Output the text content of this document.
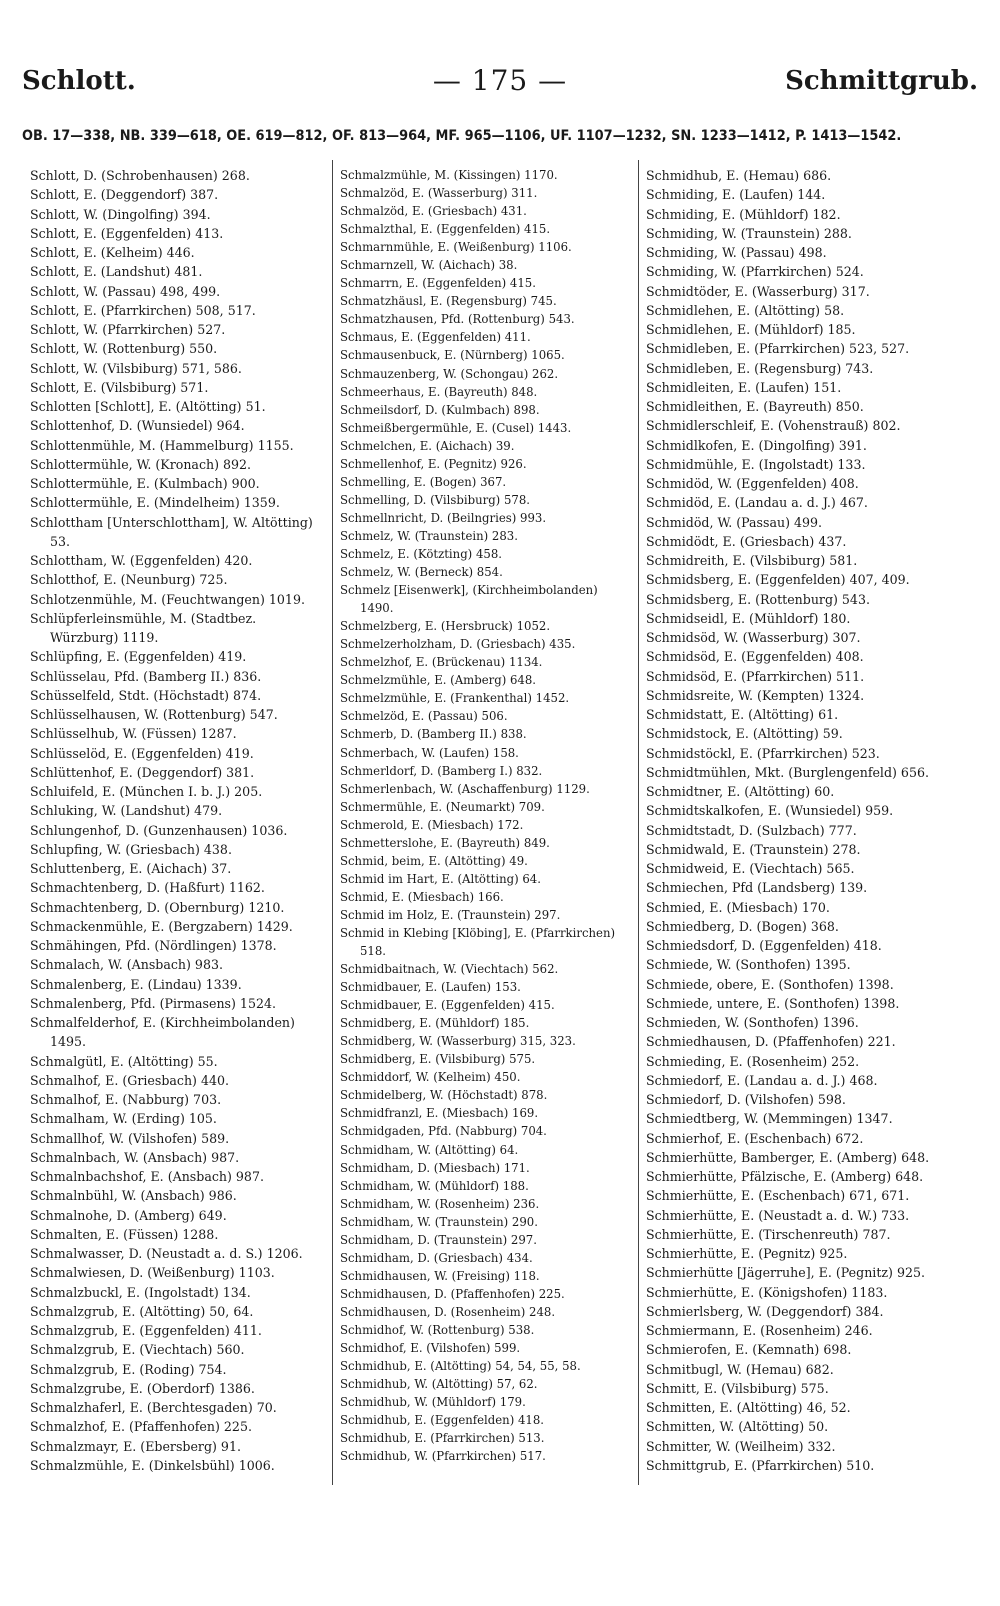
Schlott.	— 175 —	Schmittgrub.
OB. 17—338, NB. 339—618, OE. 619—812, OF. 813—964, MF. 965—1106, UF. 1107—1232, SN. 1233—1412, P. 1413—1542.
Schlott, D. (Schrobenhausen) 268.
Schlott, E. (Deggendorf) 387.
Schlott, W. (Dingolfing) 394.
Schlott, E. (Eggenfelden) 413.
Schlott, E. (Kelheim) 446.
Schlott, E. (Landshut) 481.
Schlott, W. (Passau) 498, 499.
Schlott, E. (Pfarrkirchen) 508, 517.
Schlott, W. (Pfarrkirchen) 527.
Schlott, W. (Rottenburg) 550.
Schlott, W. (Vilsbiburg) 571, 586.
Schlott, E. (Vilsbiburg) 571.
Schlotten [Schlott], E. (Altötting) 51.
Schlottenhof, D. (Wunsiedel) 964.
Schlottenmühle, M. (Hammelburg) 1155.
Schlottermühle, W. (Kronach) 892.
Schlottermühle, E. (Kulmbach) 900.
Schlottermühle, E. (Mindelheim) 1359.
Schlottham [Unterschlottham], W. Altötting) 53.
Schlottham, W. (Eggenfelden) 420.
Schlotthof, E. (Neunburg) 725.
Schlotzenmühle, M. (Feuchtwangen) 1019.
Schlüpferleinsmühle, M. (Stadtbez. Würzburg) 1119.
Schlüpfing, E. (Eggenfelden) 419.
Schlüsselau, Pfd. (Bamberg II.) 836.
Schüsselfeld, Stdt. (Höchstadt) 874.
Schlüsselhausen, W. (Rottenburg) 547.
Schlüsselhub, W. (Füssen) 1287.
Schlüsselöd, E. (Eggenfelden) 419.
Schlüttenhof, E. (Deggendorf) 381.
Schluifeld, E. (München I. b. J.) 205.
Schluking, W. (Landshut) 479.
Schlungenhof, D. (Gunzenhausen) 1036.
Schlupfing, W. (Griesbach) 438.
Schluttenberg, E. (Aichach) 37.
Schmachtenberg, D. (Haßfurt) 1162.
Schmachtenberg, D. (Obernburg) 1210.
Schmackenmühle, E. (Bergzabern) 1429.
Schmähingen, Pfd. (Nördlingen) 1378.
Schmalach, W. (Ansbach) 983.
Schmalenberg, E. (Lindau) 1339.
Schmalenberg, Pfd. (Pirmasens) 1524.
Schmalfelderhof, E. (Kirchheimbolanden) 1495.
Schmalgütl, E. (Altötting) 55.
Schmalhof, E. (Griesbach) 440.
Schmalhof, E. (Nabburg) 703.
Schmalham, W. (Erding) 105.
Schmallhof, W. (Vilshofen) 589.
Schmalnbach, W. (Ansbach) 987.
Schmalnbachshof, E. (Ansbach) 987.
Schmalnbühl, W. (Ansbach) 986.
Schmalnohe, D. (Amberg) 649.
Schmalten, E. (Füssen) 1288.
Schmalwasser, D. (Neustadt a. d. S.) 1206.
Schmalwiesen, D. (Weißenburg) 1103.
Schmalzbuckl, E. (Ingolstadt) 134.
Schmalzgrub, E. (Altötting) 50, 64.
Schmalzgrub, E. (Eggenfelden) 411.
Schmalzgrub, E. (Viechtach) 560.
Schmalzgrub, E. (Roding) 754.
Schmalzgrube, E. (Oberdorf) 1386.
Schmalzhaferl, E. (Berchtesgaden) 70.
Schmalzhof, E. (Pfaffenhofen) 225.
Schmalzmayr, E. (Ebersberg) 91.
Schmalzmühle, E. (Dinkelsbühl) 1006.
Schmalzmühle, M. (Kissingen) 1170.
Schmalzöd, E. (Wasserburg) 311.
Schmalzöd, E. (Griesbach) 431.
Schmalzthal, E. (Eggenfelden) 415.
Schmarnmühle, E. (Weißenburg) 1106.
Schmarnzell, W. (Aichach) 38.
Schmarrn, E. (Eggenfelden) 415.
Schmatzhäusl, E. (Regensburg) 745.
Schmatzhausen, Pfd. (Rottenburg) 543.
Schmaus, E. (Eggenfelden) 411.
Schmausenbuck, E. (Nürnberg) 1065.
Schmauzenberg, W. (Schongau) 262.
Schmeerhaus, E. (Bayreuth) 848.
Schmeilsdorf, D. (Kulmbach) 898.
Schmeißbergermühle, E. (Cusel) 1443.
Schmelchen, E. (Aichach) 39.
Schmellenhof, E. (Pegnitz) 926.
Schmelling, E. (Bogen) 367.
Schmelling, D. (Vilsbiburg) 578.
Schmellnricht, D. (Beilngries) 993.
Schmelz, W. (Traunstein) 283.
Schmelz, E. (Kötzting) 458.
Schmelz, W. (Berneck) 854.
Schmelz [Eisenwerk], (Kirchheimbolanden) 1490.
Schmelzberg, E. (Hersbruck) 1052.
Schmelzerholzham, D. (Griesbach) 435.
Schmelzhof, E. (Brückenau) 1134.
Schmelzmühle, E. (Amberg) 648.
Schmelzmühle, E. (Frankenthal) 1452.
Schmelzöd, E. (Passau) 506.
Schmerb, D. (Bamberg II.) 838.
Schmerbach, W. (Laufen) 158.
Schmerldorf, D. (Bamberg I.) 832.
Schmerlenbach, W. (Aschaffenburg) 1129.
Schmermühle, E. (Neumarkt) 709.
Schmerold, E. (Miesbach) 172.
Schmetterslohe, E. (Bayreuth) 849.
Schmid, beim, E. (Altötting) 49.
Schmid im Hart, E. (Altötting) 64.
Schmid, E. (Miesbach) 166.
Schmid im Holz, E. (Traunstein) 297.
Schmid in Klebing [Klöbing], E. (Pfarrkirchen) 518.
Schmidbaitnach, W. (Viechtach) 562.
Schmidbauer, E. (Laufen) 153.
Schmidbauer, E. (Eggenfelden) 415.
Schmidberg, E. (Mühldorf) 185.
Schmidberg, W. (Wasserburg) 315, 323.
Schmidberg, E. (Vilsbiburg) 575.
Schmiddorf, W. (Kelheim) 450.
Schmidelberg, W. (Höchstadt) 878.
Schmidfranzl, E. (Miesbach) 169.
Schmidgaden, Pfd. (Nabburg) 704.
Schmidham, W. (Altötting) 64.
Schmidham, D. (Miesbach) 171.
Schmidham, W. (Mühldorf) 188.
Schmidham, W. (Rosenheim) 236.
Schmidham, W. (Traunstein) 290.
Schmidham, D. (Traunstein) 297.
Schmidham, D. (Griesbach) 434.
Schmidhausen, W. (Freising) 118.
Schmidhausen, D. (Pfaffenhofen) 225.
Schmidhausen, D. (Rosenheim) 248.
Schmidhof, W. (Rottenburg) 538.
Schmidhof, E. (Vilshofen) 599.
Schmidhub, E. (Altötting) 54, 54, 55, 58.
Schmidhub, W. (Altötting) 57, 62.
Schmidhub, W. (Mühldorf) 179.
Schmidhub, E. (Eggenfelden) 418.
Schmidhub, E. (Pfarrkirchen) 513.
Schmidhub, W. (Pfarrkirchen) 517.
Schmidhub, E. (Hemau) 686.
Schmiding, E. (Laufen) 144.
Schmiding, E. (Mühldorf) 182.
Schmiding, W. (Traunstein) 288.
Schmiding, W. (Passau) 498.
Schmiding, W. (Pfarrkirchen) 524.
Schmidtöder, E. (Wasserburg) 317.
Schmidlehen, E. (Altötting) 58.
Schmidlehen, E. (Mühldorf) 185.
Schmidleben, E. (Pfarrkirchen) 523, 527.
Schmidleben, E. (Regensburg) 743.
Schmidleiten, E. (Laufen) 151.
Schmidleithen, E. (Bayreuth) 850.
Schmidlerschleif, E. (Vohenstrauß) 802.
Schmidlkofen, E. (Dingolfing) 391.
Schmidmühle, E. (Ingolstadt) 133.
Schmidöd, W. (Eggenfelden) 408.
Schmidöd, E. (Landau a. d. J.) 467.
Schmidöd, W. (Passau) 499.
Schmidödt, E. (Griesbach) 437.
Schmidreith, E. (Vilsbiburg) 581.
Schmidsberg, E. (Eggenfelden) 407, 409.
Schmidsberg, E. (Rottenburg) 543.
Schmidseidl, E. (Mühldorf) 180.
Schmidsöd, W. (Wasserburg) 307.
Schmidsöd, E. (Eggenfelden) 408.
Schmidsöd, E. (Pfarrkirchen) 511.
Schmidsreite, W. (Kempten) 1324.
Schmidstatt, E. (Altötting) 61.
Schmidstock, E. (Altötting) 59.
Schmidstöckl, E. (Pfarrkirchen) 523.
Schmidtmühlen, Mkt. (Burglengenfeld) 656.
Schmidtner, E. (Altötting) 60.
Schmidtskalkofen, E. (Wunsiedel) 959.
Schmidtstadt, D. (Sulzbach) 777.
Schmidwald, E. (Traunstein) 278.
Schmidweid, E. (Viechtach) 565.
Schmiechen, Pfd (Landsberg) 139.
Schmied, E. (Miesbach) 170.
Schmiedberg, D. (Bogen) 368.
Schmiedsdorf, D. (Eggenfelden) 418.
Schmiede, W. (Sonthofen) 1395.
Schmiede, obere, E. (Sonthofen) 1398.
Schmiede, untere, E. (Sonthofen) 1398.
Schmieden, W. (Sonthofen) 1396.
Schmiedhausen, D. (Pfaffenhofen) 221.
Schmieding, E. (Rosenheim) 252.
Schmiedorf, E. (Landau a. d. J.) 468.
Schmiedorf, D. (Vilshofen) 598.
Schmiedtberg, W. (Memmingen) 1347.
Schmierhof, E. (Eschenbach) 672.
Schmierhütte, Bamberger, E. (Amberg) 648.
Schmierhütte, Pfälzische, E. (Amberg) 648.
Schmierhütte, E. (Eschenbach) 671, 671.
Schmierhütte, E. (Neustadt a. d. W.) 733.
Schmierhütte, E. (Tirschenreuth) 787.
Schmierhütte, E. (Pegnitz) 925.
Schmierhütte [Jägerruhe], E. (Pegnitz) 925.
Schmierhütte, E. (Königshofen) 1183.
Schmierlsberg, W. (Deggendorf) 384.
Schmiermann, E. (Rosenheim) 246.
Schmierofen, E. (Kemnath) 698.
Schmitbugl, W. (Hemau) 682.
Schmitt, E. (Vilsbiburg) 575.
Schmitten, E. (Altötting) 46, 52.
Schmitten, W. (Altötting) 50.
Schmitter, W. (Weilheim) 332.
Schmittgrub, E. (Pfarrkirchen) 510.
